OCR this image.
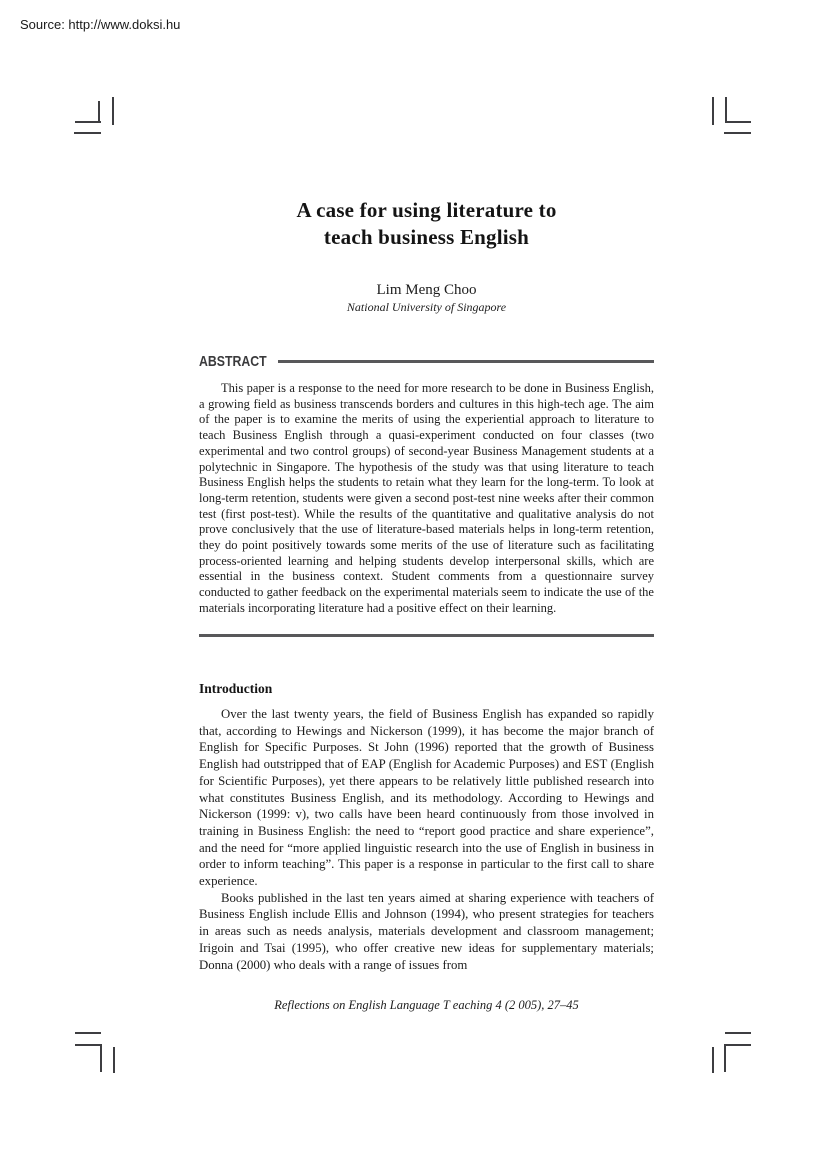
Source: http://www.doksi.hu
A case for using literature to
teach business English
Lim Meng Choo
National University of Singapore
ABSTRACT
This paper is a response to the need for more research to be done in Business English, a growing field as business transcends borders and cultures in this high-tech age. The aim of the paper is to examine the merits of using the experiential approach to literature to teach Business English through a quasi-experiment conducted on four classes (two experimental and two control groups) of second-year Business Management students at a polytechnic in Singapore. The hypothesis of the study was that using literature to teach Business English helps the students to retain what they learn for the long-term. To look at long-term retention, students were given a second post-test nine weeks after their common test (first post-test). While the results of the quantitative and qualitative analysis do not prove conclusively that the use of literature-based materials helps in long-term retention, they do point positively towards some merits of the use of literature such as facilitating process-oriented learning and helping students develop interpersonal skills, which are essential in the business context. Student comments from a questionnaire survey conducted to gather feedback on the experimental materials seem to indicate the use of the materials incorporating literature had a positive effect on their learning.
Introduction

Over the last twenty years, the field of Business English has expanded so rapidly that, according to Hewings and Nickerson (1999), it has become the major branch of English for Specific Purposes. St John (1996) reported that the growth of Business English had outstripped that of EAP (English for Academic Purposes) and EST (English for Scientific Purposes), yet there appears to be relatively little published research into what constitutes Business English, and its methodology. According to Hewings and Nickerson (1999: v), two calls have been heard continuously from those involved in training in Business English: the need to “report good practice and share experience”, and the need for “more applied linguistic research into the use of English in business in order to inform teaching”. This paper is a response in particular to the first call to share experience.

Books published in the last ten years aimed at sharing experience with teachers of Business English include Ellis and Johnson (1994), who present strategies for teachers in areas such as needs analysis, materials development and classroom management; Irigoin and Tsai (1995), who offer creative new ideas for supplementary materials; Donna (2000) who deals with a range of issues from

Reflections on English Language T eaching 4 (2 005), 27–45
